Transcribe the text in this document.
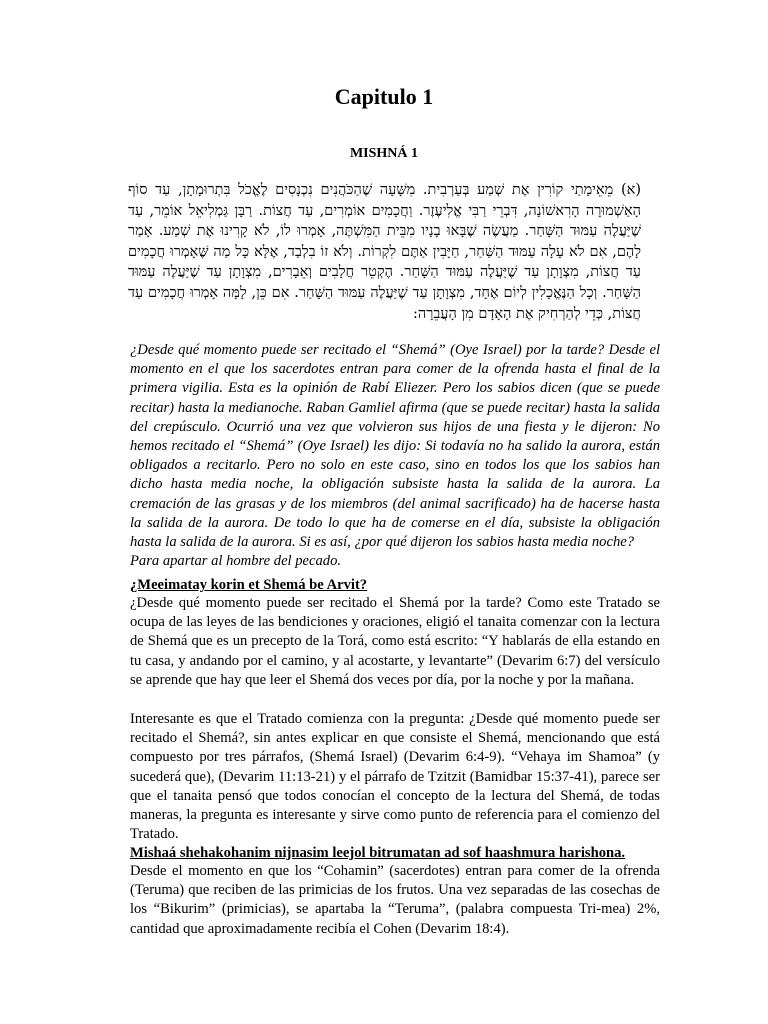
Capitulo 1
MISHNÁ 1

(א) מֵאֵימָתַי קוֹרִין אֶת שְׁמַע בְּעַרְבִית. מִשָּׁעָה שֶׁהַכֹּהֲנִים נִכְנָסִים לֶאֱכֹל בִּתְרוּמָתָן, עַד סוֹף הָאַשְׁמוּרָה הָרִאשׁוֹנָה, דִּבְרֵי רַבִּי אֱלִיעֶזֶר. וַחֲכָמִים אוֹמְרִים, עַד חֲצוֹת. רַבָּן גַּמְלִיאֵל אוֹמֵר, עַד שֶׁיַּעֲלֶה עַמּוּד הַשָּׁחַר. מַעֲשֶׂה שֶׁבָּאוּ בָנָיו מִבֵּית הַמִּשְׁתֶּה, אָמְרוּ לוֹ, לֹא קָרִינוּ אֶת שְׁמַע. אָמַר לָהֶם, אִם לֹא עָלָה עַמּוּד הַשַּׁחַר, חַיָּבִין אַתֶּם לִקְרוֹת. וְלֹא זוֹ בִלְבַד, אֶלָּא כָּל מַה שֶּׁאָמְרוּ חֲכָמִים עַד חֲצוֹת, מִצְוָתָן עַד שֶׁיַּעֲלֶה עַמּוּד הַשָּׁחַר. הֶקְטֵר חֲלָבִים וְאֵבָרִים, מִצְוָתָן עַד שֶׁיַּעֲלֶה עַמּוּד הַשָּׁחַר. וְכָל הַנֶּאֱכָלִין לְיוֹם אֶחָד, מִצְוָתָן עַד שֶׁיַּעֲלֶה עַמּוּד הַשָּׁחַר. אִם כֵּן, לָמָּה אָמְרוּ חֲכָמִים עַד חֲצוֹת, כְּדֵי לְהַרְחִיק אֶת הָאָדָם מִן הָעֲבֵרָה:

¿Desde qué momento puede ser recitado el “Shemá” (Oye Israel) por la tarde? Desde el momento en el que los sacerdotes entran para comer de la ofrenda hasta el final de la primera vigilia. Esta es la opinión de Rabí Eliezer. Pero los sabios dicen (que se puede recitar) hasta la medianoche. Raban Gamliel afirma (que se puede recitar) hasta la salida del crepúsculo. Ocurrió una vez que volvieron sus hijos de una fiesta y le dijeron: No hemos recitado el “Shemá” (Oye Israel) les dijo: Si todavía no ha salido la aurora, están obligados a recitarlo. Pero no solo en este caso, sino en todos los que los sabios han dicho hasta media noche, la obligación subsiste hasta la salida de la aurora. La cremación de las grasas y de los miembros (del animal sacrificado) ha de hacerse hasta la salida de la aurora. De todo lo que ha de comerse en el día, subsiste la obligación hasta la salida de la aurora. Si es así, ¿por qué dijeron los sabios hasta media noche?

Para apartar al hombre del pecado.

¿Meeimatay korin et Shemá be Arvit?

¿Desde qué momento puede ser recitado el Shemá por la tarde? Como este Tratado se ocupa de las leyes de las bendiciones y oraciones, eligió el tanaita comenzar con la lectura de Shemá que es un precepto de la Torá, como está escrito: “Y hablarás de ella estando en tu casa, y andando por el camino, y al acostarte, y levantarte” (Devarim 6:7) del versículo se aprende que hay que leer el Shemá dos veces por día, por la noche y por la mañana.

Interesante es que el Tratado comienza con la pregunta: ¿Desde qué momento puede ser recitado el Shemá?, sin antes explicar en que consiste el Shemá, mencionando que está compuesto por tres párrafos, (Shemá Israel) (Devarim 6:4-9). “Vehaya im Shamoa” (y sucederá que), (Devarim 11:13-21) y el párrafo de Tzitzit (Bamidbar 15:37-41), parece ser que el tanaita pensó que todos conocían el concepto de la lectura del Shemá, de todas maneras, la pregunta es interesante y sirve como punto de referencia para el comienzo del Tratado.

Mishaá shehakohanim nijnasim leejol bitrumatan ad sof haashmura harishona.

Desde el momento en que los “Cohamin” (sacerdotes) entran para comer de la ofrenda (Teruma) que reciben de las primicias de los frutos. Una vez separadas de las cosechas de los “Bikurim” (primicias), se apartaba la “Teruma”, (palabra compuesta Tri-mea) 2%, cantidad que aproximadamente recibía el Cohen (Devarim 18:4).
